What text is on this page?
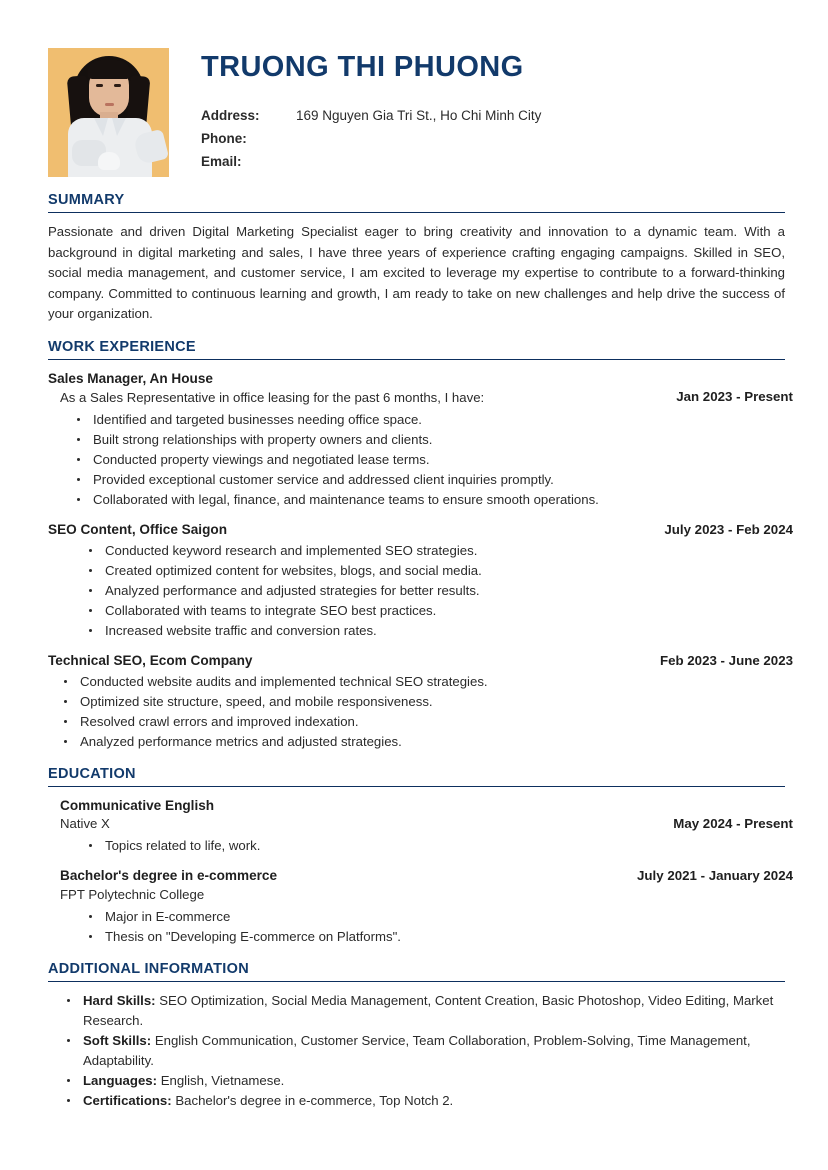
TRUONG THI PHUONG
Address:	169 Nguyen Gia Tri St., Ho Chi Minh City
Phone:
Email:
SUMMARY

Passionate and driven Digital Marketing Specialist eager to bring creativity and innovation to a dynamic team. With a background in digital marketing and sales, I have three years of experience crafting engaging campaigns. Skilled in SEO, social media management, and customer service, I am excited to leverage my expertise to contribute to a forward-thinking company. Committed to continuous learning and growth, I am ready to take on new challenges and help drive the success of your organization.

WORK EXPERIENCE
Sales Manager, An House
Jan 2023 - Present
As a Sales Representative in office leasing for the past 6 months, I have:
Identified and targeted businesses needing office space.
Built strong relationships with property owners and clients.
Conducted property viewings and negotiated lease terms.
Provided exceptional customer service and addressed client inquiries promptly.
Collaborated with legal, finance, and maintenance teams to ensure smooth operations.
SEO Content, Office Saigon	July 2023 - Feb 2024
Conducted keyword research and implemented SEO strategies.
Created optimized content for websites, blogs, and social media.
Analyzed performance and adjusted strategies for better results.
Collaborated with teams to integrate SEO best practices.
Increased website traffic and conversion rates.
Technical SEO, Ecom Company	Feb 2023 - June 2023
Conducted website audits and implemented technical SEO strategies.
Optimized site structure, speed, and mobile responsiveness.
Resolved crawl errors and improved indexation.
Analyzed performance metrics and adjusted strategies.
EDUCATION
Communicative English
May 2024 - Present
Native X
Topics related to life, work.
Bachelor's degree in e-commerce	July 2021 - January 2024
FPT Polytechnic College
Major in E-commerce
Thesis on "Developing E-commerce on Platforms".
ADDITIONAL INFORMATION
Hard Skills: SEO Optimization, Social Media Management, Content Creation, Basic Photoshop, Video Editing, Market Research.
Soft Skills: English Communication, Customer Service, Team Collaboration, Problem-Solving, Time Management, Adaptability.
Languages: English, Vietnamese.
Certifications: Bachelor's degree in e-commerce, Top Notch 2.
